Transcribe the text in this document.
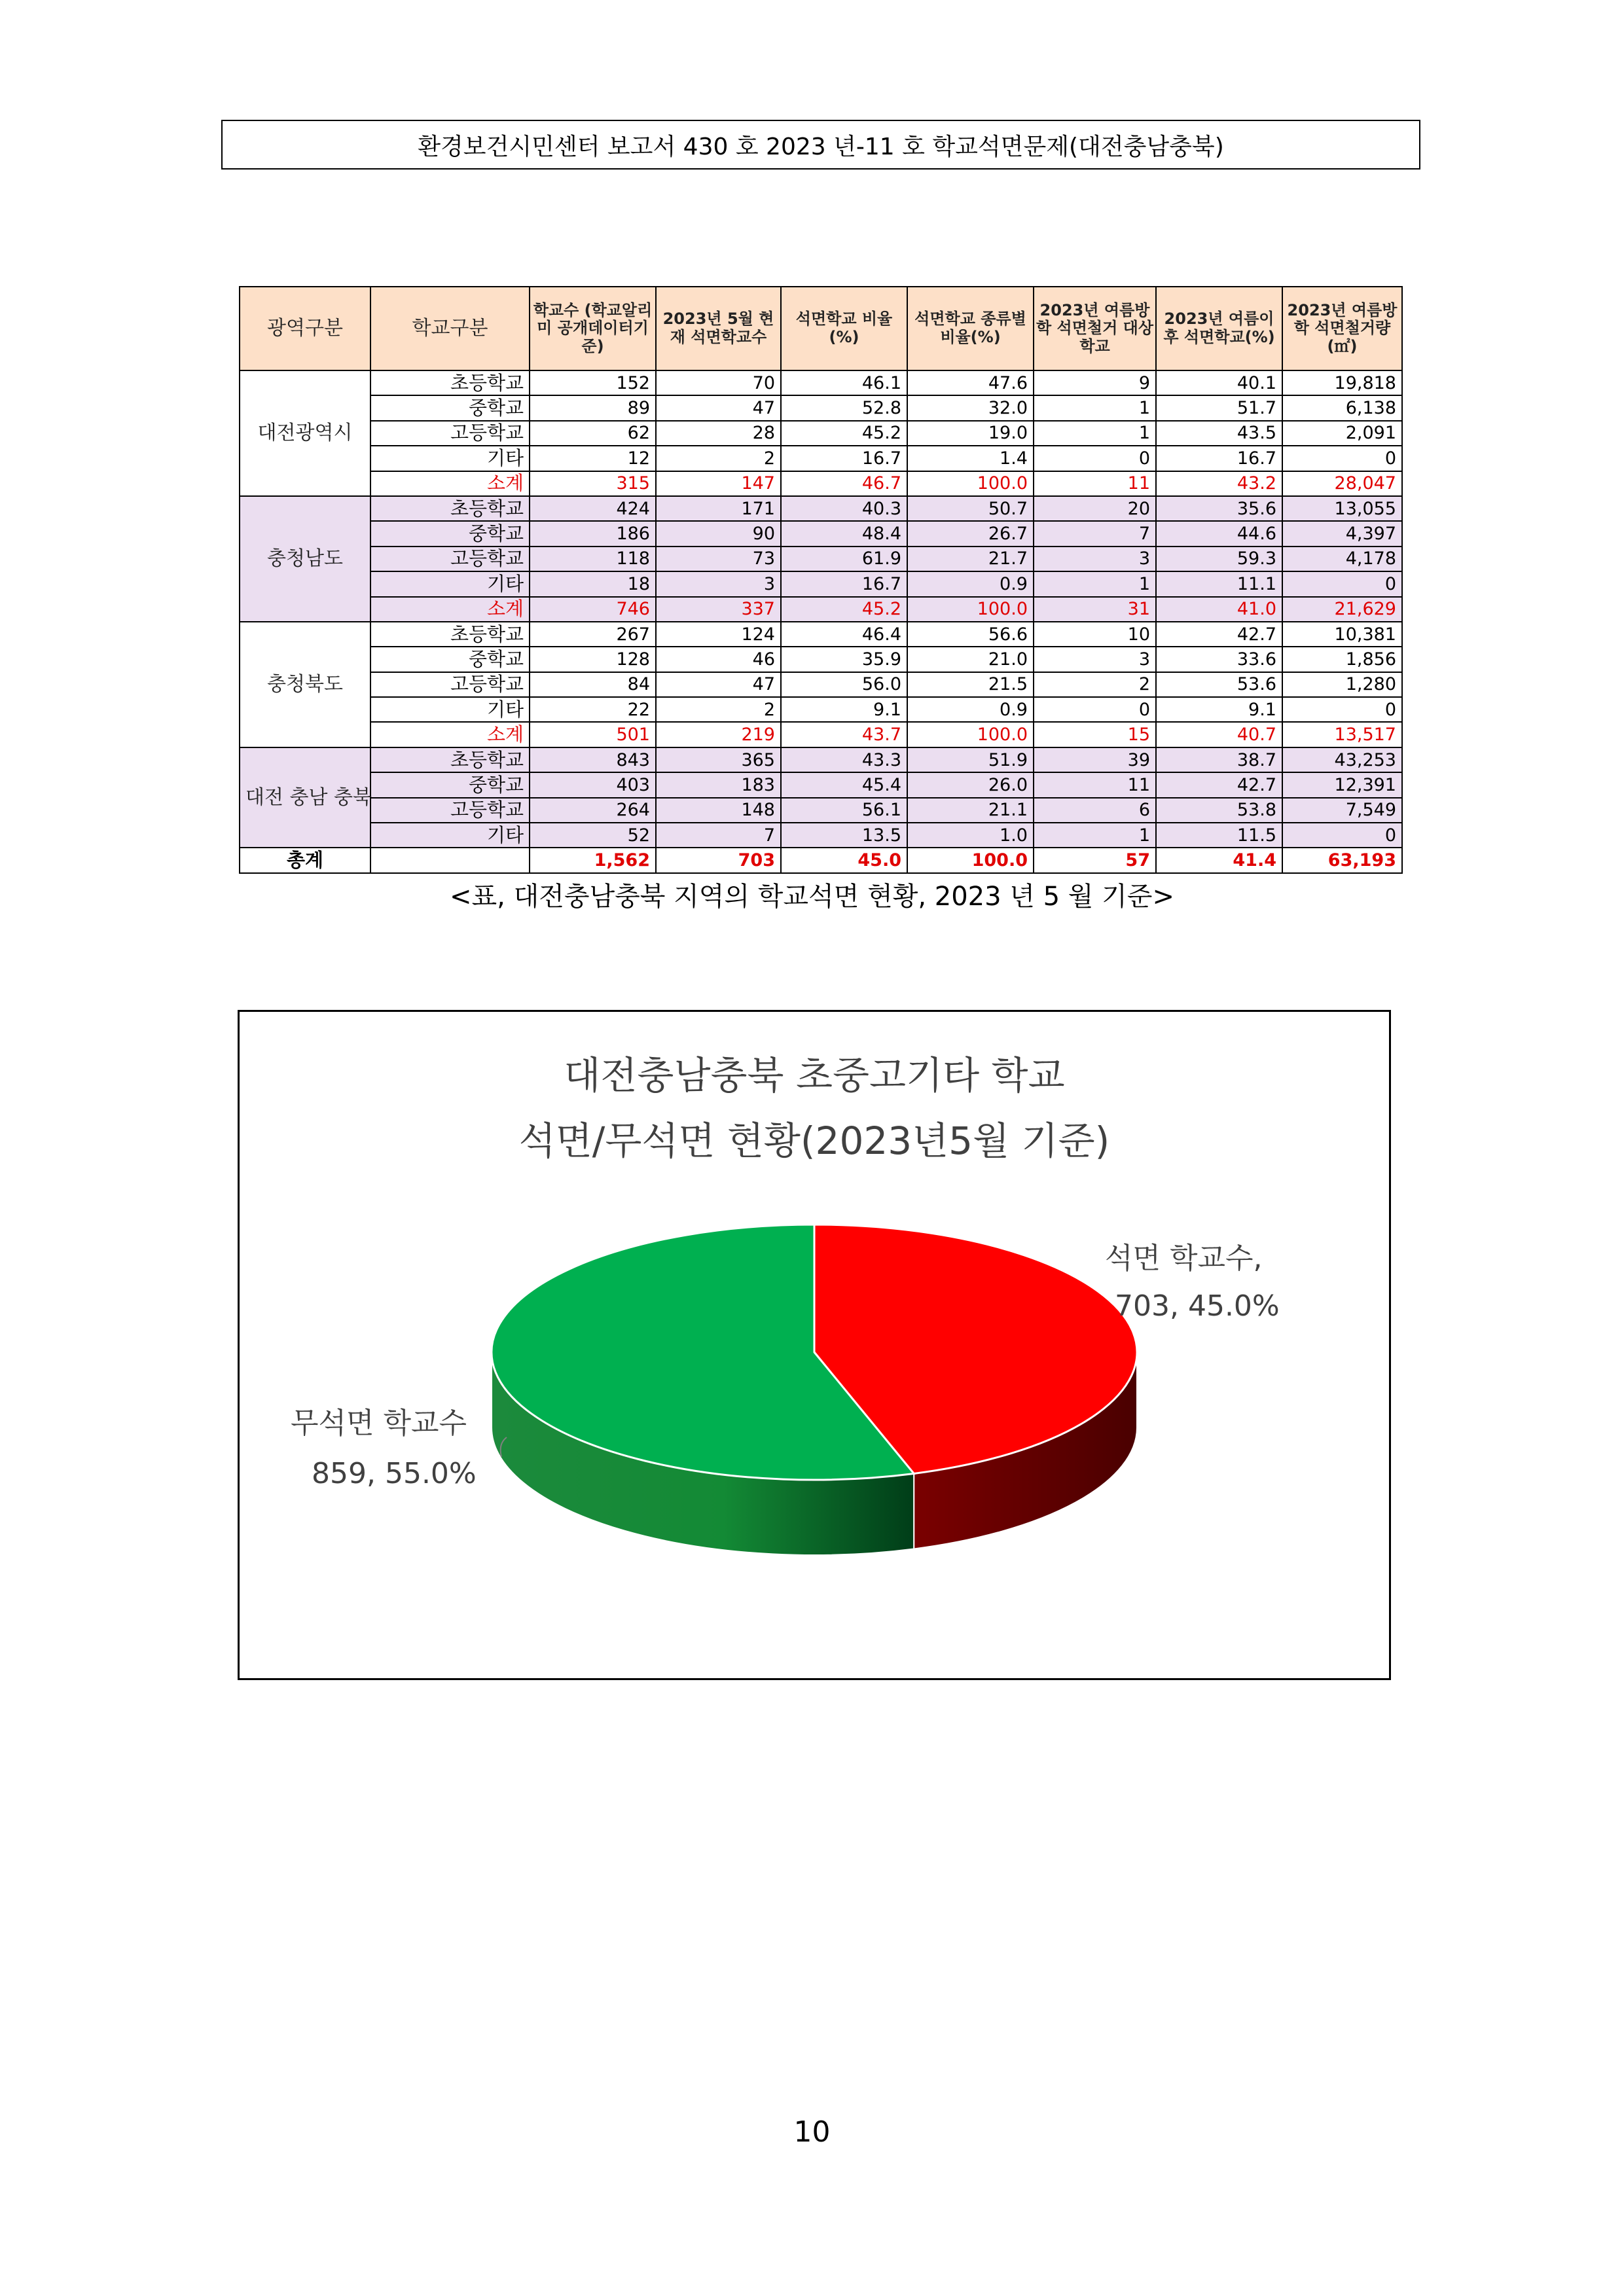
환경보건시민센터 보고서 430 호 2023 년-11 호 학교석면문제(대전충남충북)
광역구분	학교구분	학교수 (학교알리미 공개데이터기준)	2023년 5월 현재 석면학교수	석면학교 비율(%)	석면학교 종류별 비율(%)	2023년 여름방학 석면철거 대상학교	2023년 여름이후 석면학교(%)	2023년 여름방학 석면철거량 (㎡)
대전광역시	초등학교	152	70	46.1	47.6	9	40.1	19,818
	중학교	89	47	52.8	32.0	1	51.7	6,138
	고등학교	62	28	45.2	19.0	1	43.5	2,091
	기타	12	2	16.7	1.4	0	16.7	0
	소계	315	147	46.7	100.0	11	43.2	28,047
충청남도	초등학교	424	171	40.3	50.7	20	35.6	13,055
	중학교	186	90	48.4	26.7	7	44.6	4,397
	고등학교	118	73	61.9	21.7	3	59.3	4,178
	기타	18	3	16.7	0.9	1	11.1	0
	소계	746	337	45.2	100.0	31	41.0	21,629
충청북도	초등학교	267	124	46.4	56.6	10	42.7	10,381
	중학교	128	46	35.9	21.0	3	33.6	1,856
	고등학교	84	47	56.0	21.5	2	53.6	1,280
	기타	22	2	9.1	0.9	0	9.1	0
	소계	501	219	43.7	100.0	15	40.7	13,517
대전 충남 충북	초등학교	843	365	43.3	51.9	39	38.7	43,253
	중학교	403	183	45.4	26.0	11	42.7	12,391
	고등학교	264	148	56.1	21.1	6	53.8	7,549
	기타	52	7	13.5	1.0	1	11.5	0
총계		1,562	703	45.0	100.0	57	41.4	63,193
<표, 대전충남충북 지역의 학교석면 현황, 2023 년 5 월 기준>
대전충남충북 초중고기타 학교
석면/무석면 현황(2023년5월 기준)
석면 학교수,
703, 45.0%
무석면 학교수
859, 55.0%
10
